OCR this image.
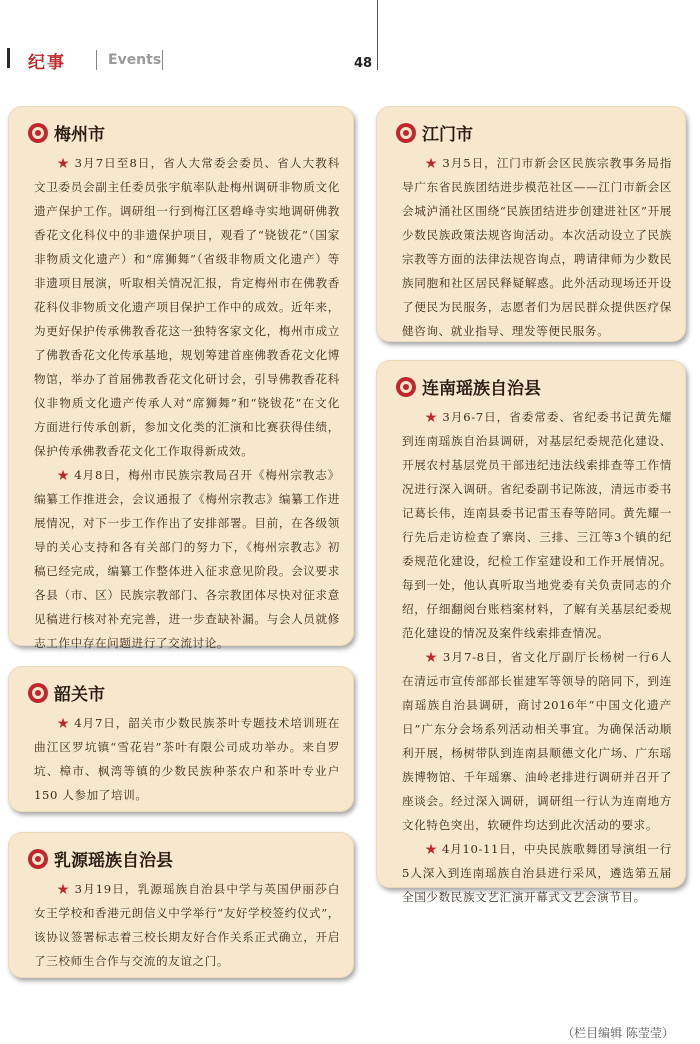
纪事	Events	48
梅州市

★ 3月7日至8日，省人大常委会委员、省人大教科文卫委员会副主任委员张宇航率队赴梅州调研非物质文化遗产保护工作。调研组一行到梅江区碧峰寺实地调研佛教香花文化科仪中的非遗保护项目，观看了“铙钹花”（国家非物质文化遗产）和“席狮舞”（省级非物质文化遗产）等非遗项目展演，听取相关情况汇报，肯定梅州市在佛教香花科仪非物质文化遗产项目保护工作中的成效。近年来，为更好保护传承佛教香花这一独特客家文化，梅州市成立了佛教香花文化传承基地，规划筹建首座佛教香花文化博物馆，举办了首届佛教香花文化研讨会，引导佛教香花科仪非物质文化遗产传承人对“席狮舞”和“铙钹花”在文化方面进行传承创新，参加文化类的汇演和比赛获得佳绩，保护传承佛教香花文化工作取得新成效。

★ 4月8日，梅州市民族宗教局召开《梅州宗教志》编纂工作推进会，会议通报了《梅州宗教志》编纂工作进展情况，对下一步工作作出了安排部署。目前，在各级领导的关心支持和各有关部门的努力下，《梅州宗教志》初稿已经完成，编纂工作整体进入征求意见阶段。会议要求各县（市、区）民族宗教部门、各宗教团体尽快对征求意见稿进行核对补充完善，进一步查缺补漏。与会人员就修志工作中存在问题进行了交流讨论。

韶关市

★ 4月7日，韶关市少数民族茶叶专题技术培训班在曲江区罗坑镇“雪花岩”茶叶有限公司成功举办。来自罗坑、樟市、枫湾等镇的少数民族种茶农户和茶叶专业户 150 人参加了培训。

乳源瑶族自治县

★ 3月19日，乳源瑶族自治县中学与英国伊丽莎白女王学校和香港元朗信义中学举行“友好学校签约仪式”，该协议签署标志着三校长期友好合作关系正式确立，开启了三校师生合作与交流的友谊之门。

江门市

★ 3月5日，江门市新会区民族宗教事务局指导广东省民族团结进步模范社区——江门市新会区会城泸涌社区围绕“民族团结进步创建进社区”开展少数民族政策法规咨询活动。本次活动设立了民族宗教等方面的法律法规咨询点，聘请律师为少数民族同胞和社区居民释疑解惑。此外活动现场还开设了便民为民服务，志愿者们为居民群众提供医疗保健咨询、就业指导、理发等便民服务。

连南瑶族自治县

★ 3月6-7日，省委常委、省纪委书记黄先耀到连南瑶族自治县调研，对基层纪委规范化建设、开展农村基层党员干部违纪违法线索排查等工作情况进行深入调研。省纪委副书记陈波，清远市委书记葛长伟，连南县委书记雷玉春等陪同。黄先耀一行先后走访检查了寨岗、三排、三江等3个镇的纪委规范化建设，纪检工作室建设和工作开展情况。每到一处，他认真听取当地党委有关负责同志的介绍，仔细翻阅台账档案材料，了解有关基层纪委规范化建设的情况及案件线索排查情况。

★ 3月7-8日，省文化厅副厅长杨树一行6人在清远市宣传部部长崔建军等领导的陪同下，到连南瑶族自治县调研，商讨2016年“中国文化遗产日”广东分会场系列活动相关事宜。为确保活动顺利开展，杨树带队到连南县顺德文化广场、广东瑶族博物馆、千年瑶寨、油岭老排进行调研并召开了座谈会。经过深入调研，调研组一行认为连南地方文化特色突出，软硬件均达到此次活动的要求。

★ 4月10-11日，中央民族歌舞团导演组一行5人深入到连南瑶族自治县进行采风，遴选第五届全国少数民族文艺汇演开幕式文艺会演节目。

（栏目编辑 陈莹莹）
